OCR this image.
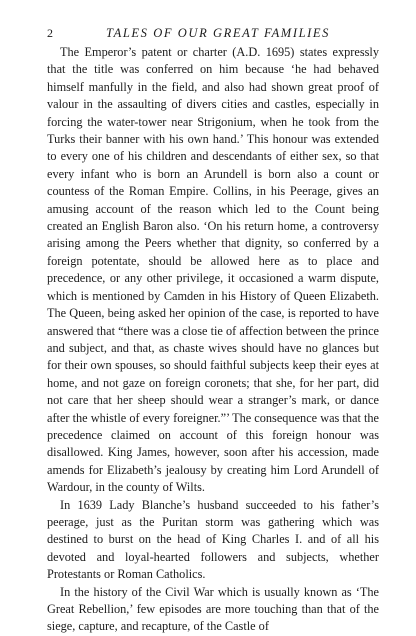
2	TALES OF OUR GREAT FAMILIES

The Emperor’s patent or charter (A.D. 1695) states expressly that the title was conferred on him because ‘he had behaved himself manfully in the field, and also had shown great proof of valour in the assaulting of divers cities and castles, especially in forcing the water-tower near Strigonium, when he took from the Turks their banner with his own hand.’ This honour was extended to every one of his children and descendants of either sex, so that every infant who is born an Arundell is born also a count or countess of the Roman Empire. Collins, in his Peerage, gives an amusing account of the reason which led to the Count being created an English Baron also. ‘On his return home, a controversy arising among the Peers whether that dignity, so conferred by a foreign potentate, should be allowed here as to place and precedence, or any other privilege, it occasioned a warm dispute, which is mentioned by Camden in his History of Queen Elizabeth. The Queen, being asked her opinion of the case, is reported to have answered that “there was a close tie of affection between the prince and subject, and that, as chaste wives should have no glances but for their own spouses, so should faithful subjects keep their eyes at home, and not gaze on foreign coronets; that she, for her part, did not care that her sheep should wear a stranger’s mark, or dance after the whistle of every foreigner.”’ The consequence was that the precedence claimed on account of this foreign honour was disallowed. King James, however, soon after his accession, made amends for Elizabeth’s jealousy by creating him Lord Arundell of Wardour, in the county of Wilts.

In 1639 Lady Blanche’s husband succeeded to his father’s peerage, just as the Puritan storm was gathering which was destined to burst on the head of King Charles I. and of all his devoted and loyal-hearted followers and subjects, whether Protestants or Roman Catholics.

In the history of the Civil War which is usually known as ‘The Great Rebellion,’ few episodes are more touching than that of the siege, capture, and recapture, of the Castle of
